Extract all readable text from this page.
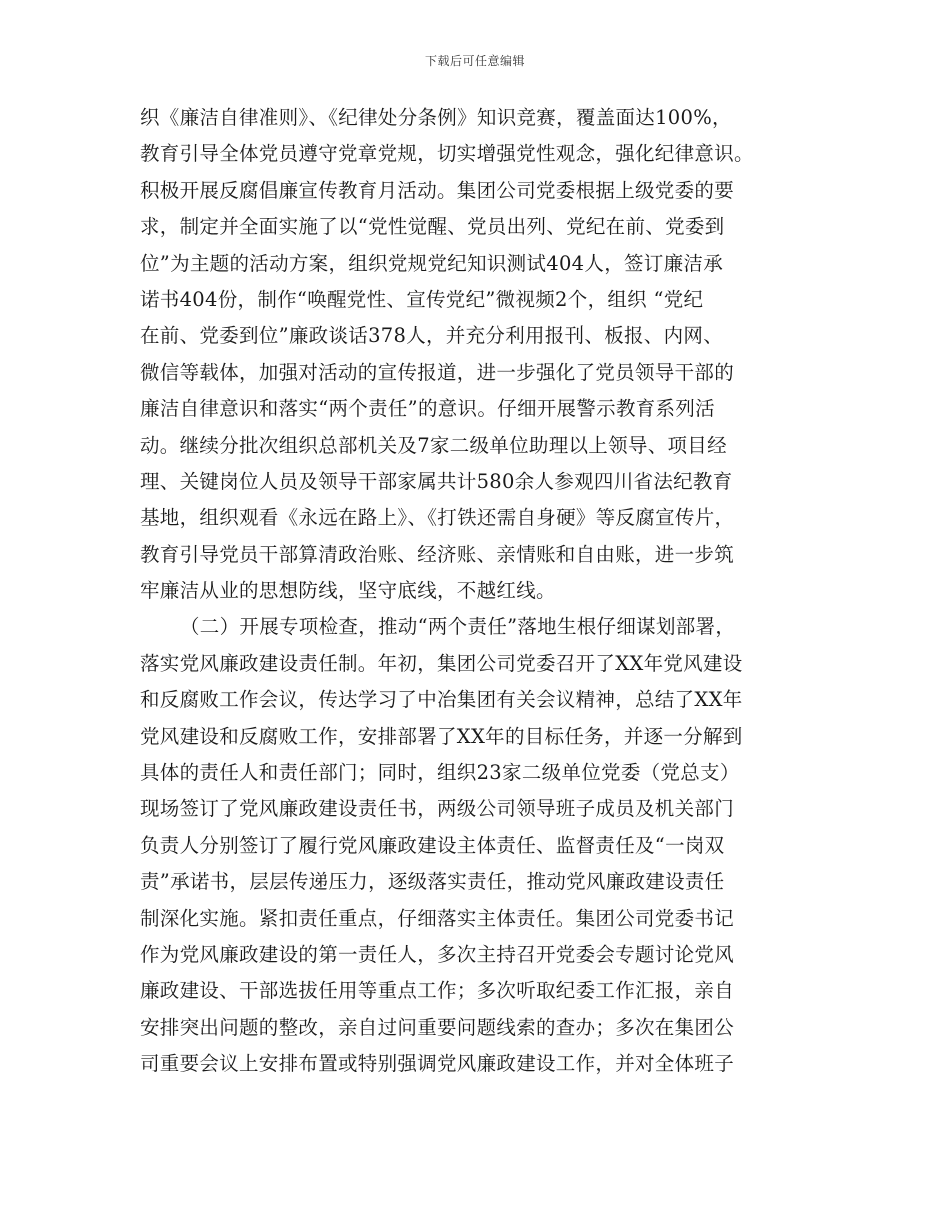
下载后可任意编辑
织《廉洁自律准则》、《纪律处分条例》知识竞赛，覆盖面达100%，
教育引导全体党员遵守党章党规，切实增强党性观念，强化纪律意识。
积极开展反腐倡廉宣传教育月活动。集团公司党委根据上级党委的要
求，制定并全面实施了以“党性觉醒、党员出列、党纪在前、党委到
位”为主题的活动方案，组织党规党纪知识测试404人，签订廉洁承
诺书404份，制作“唤醒党性、宣传党纪”微视频2个，组织 “党纪
在前、党委到位”廉政谈话378人，并充分利用报刊、板报、内网、
微信等载体，加强对活动的宣传报道，进一步强化了党员领导干部的
廉洁自律意识和落实“两个责任”的意识。仔细开展警示教育系列活
动。继续分批次组织总部机关及7家二级单位助理以上领导、项目经
理、关键岗位人员及领导干部家属共计580余人参观四川省法纪教育
基地，组织观看《永远在路上》、《打铁还需自身硬》等反腐宣传片，
教育引导党员干部算清政治账、经济账、亲情账和自由账，进一步筑
牢廉洁从业的思想防线，坚守底线，不越红线。
（二）开展专项检查，推动“两个责任”落地生根仔细谋划部署，
落实党风廉政建设责任制。年初，集团公司党委召开了XX年党风建设
和反腐败工作会议，传达学习了中冶集团有关会议精神，总结了XX年
党风建设和反腐败工作，安排部署了XX年的目标任务，并逐一分解到
具体的责任人和责任部门；同时，组织23家二级单位党委（党总支）
现场签订了党风廉政建设责任书，两级公司领导班子成员及机关部门
负责人分别签订了履行党风廉政建设主体责任、监督责任及“一岗双
责”承诺书，层层传递压力，逐级落实责任，推动党风廉政建设责任
制深化实施。紧扣责任重点，仔细落实主体责任。集团公司党委书记
作为党风廉政建设的第一责任人，多次主持召开党委会专题讨论党风
廉政建设、干部选拔任用等重点工作；多次听取纪委工作汇报，亲自
安排突出问题的整改，亲自过问重要问题线索的查办；多次在集团公
司重要会议上安排布置或特别强调党风廉政建设工作，并对全体班子
